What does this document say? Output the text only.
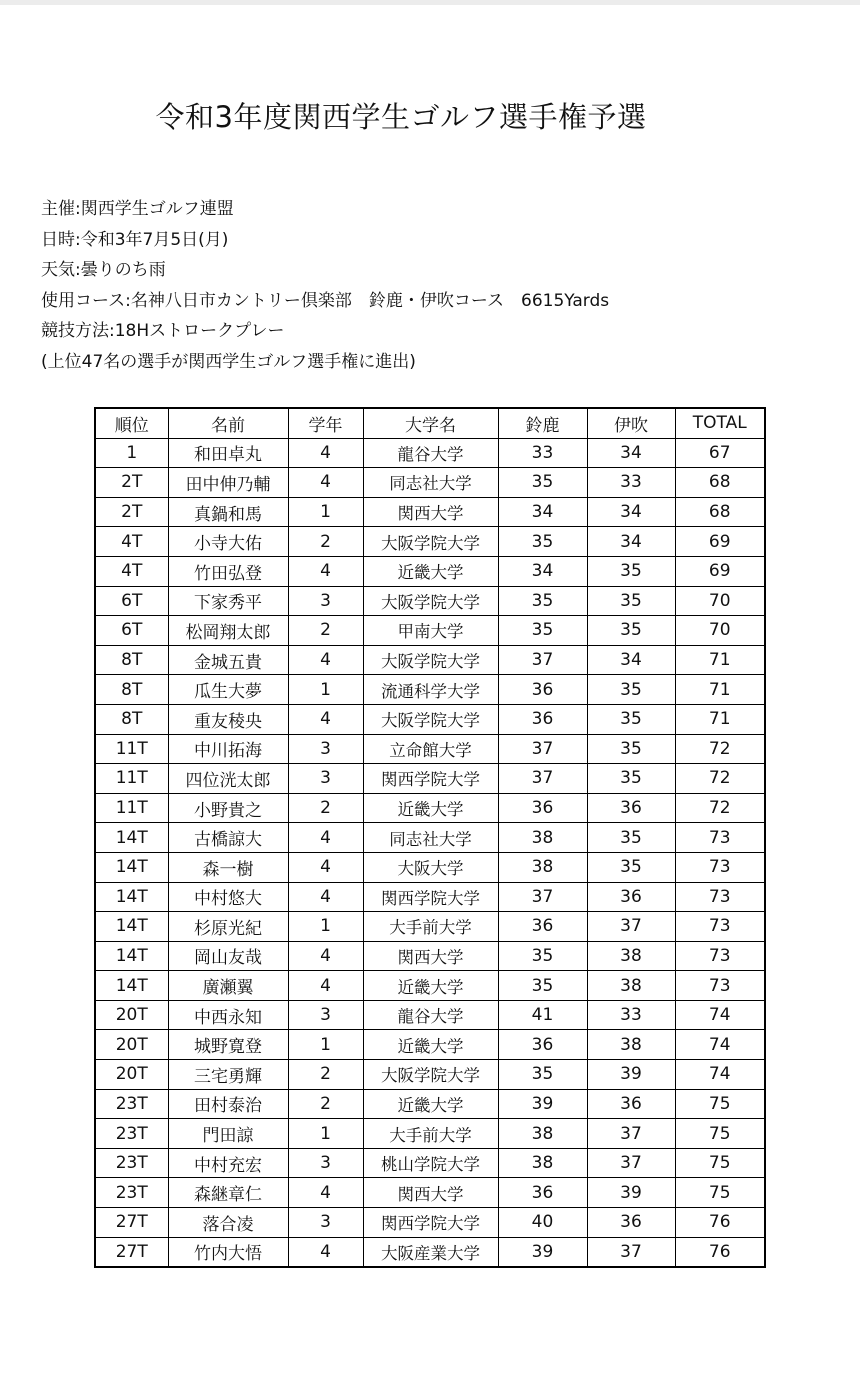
令和3年度関西学生ゴルフ選手権予選
主催:関西学生ゴルフ連盟
日時:令和3年7月5日(月)
天気:曇りのち雨
使用コース:名神八日市カントリー倶楽部　鈴鹿・伊吹コース　6615Yards
競技方法:18Hストロークプレー
(上位47名の選手が関西学生ゴルフ選手権に進出)
順位	名前	学年	大学名	鈴鹿	伊吹	TOTAL
1	和田卓丸	4	龍谷大学	33	34	67
2T	田中伸乃輔	4	同志社大学	35	33	68
2T	真鍋和馬	1	関西大学	34	34	68
4T	小寺大佑	2	大阪学院大学	35	34	69
4T	竹田弘登	4	近畿大学	34	35	69
6T	下家秀平	3	大阪学院大学	35	35	70
6T	松岡翔太郎	2	甲南大学	35	35	70
8T	金城五貴	4	大阪学院大学	37	34	71
8T	瓜生大夢	1	流通科学大学	36	35	71
8T	重友稜央	4	大阪学院大学	36	35	71
11T	中川拓海	3	立命館大学	37	35	72
11T	四位洸太郎	3	関西学院大学	37	35	72
11T	小野貴之	2	近畿大学	36	36	72
14T	古橋諒大	4	同志社大学	38	35	73
14T	森一樹	4	大阪大学	38	35	73
14T	中村悠大	4	関西学院大学	37	36	73
14T	杉原光紀	1	大手前大学	36	37	73
14T	岡山友哉	4	関西大学	35	38	73
14T	廣瀬翼	4	近畿大学	35	38	73
20T	中西永知	3	龍谷大学	41	33	74
20T	城野寛登	1	近畿大学	36	38	74
20T	三宅勇輝	2	大阪学院大学	35	39	74
23T	田村泰治	2	近畿大学	39	36	75
23T	門田諒	1	大手前大学	38	37	75
23T	中村充宏	3	桃山学院大学	38	37	75
23T	森継章仁	4	関西大学	36	39	75
27T	落合凌	3	関西学院大学	40	36	76
27T	竹内大悟	4	大阪産業大学	39	37	76
